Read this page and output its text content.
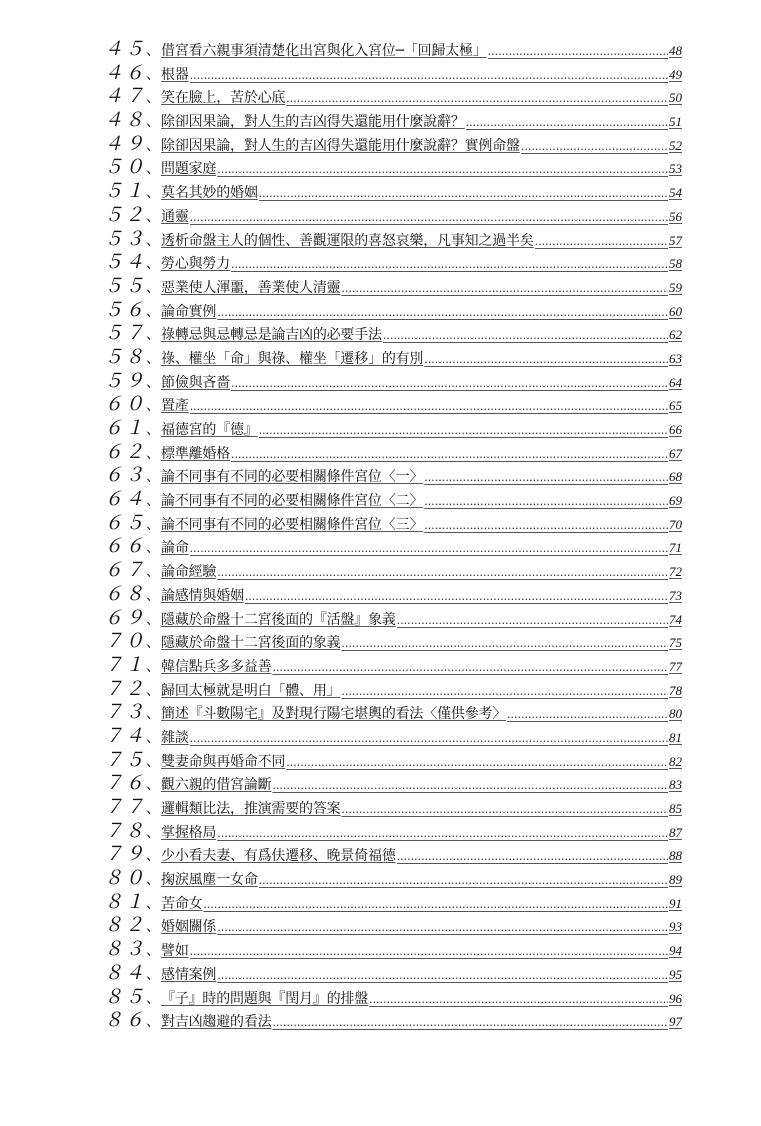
４５ 、 借宮看六親事須清楚化出宮與化入宮位─「回歸太極」 .....	48
４６ 、 根器 .....	49
４７ 、 笑在臉上，苦於心底 .....	50
４８ 、 除卻因果論，對人生的吉凶得失還能用什麼說辭？ .....	51
４９ 、 除卻因果論，對人生的吉凶得失還能用什麼說辭？實例命盤 .....	52
５０ 、 問題家庭 .....	53
５１ 、 莫名其妙的婚姻 .....	54
５２ 、 通靈 .....	56
５３ 、 透析命盤主人的個性、善觀運限的喜怒哀樂，凡事知之過半矣 .....	57
５４ 、 勞心與勞力 .....	58
５５ 、 惡業使人渾噩，善業使人清靈 .....	59
５６ 、 論命實例 .....	60
５７ 、 祿轉忌與忌轉忌是論吉凶的必要手法 .....	62
５８ 、 祿、權坐「命」與祿、權坐「遷移」的有別 .....	63
５９ 、 節儉與吝嗇 .....	64
６０ 、 置產 .....	65
６１ 、 福德宮的『德』 .....	66
６２ 、 標準離婚格 .....	67
６３ 、 論不同事有不同的必要相關條件宮位〈一〉 .....	68
６４ 、 論不同事有不同的必要相關條件宮位〈二〉 .....	69
６５ 、 論不同事有不同的必要相關條件宮位〈三〉 .....	70
６６ 、 論命 .....	71
６７ 、 論命經驗 .....	72
６８ 、 論感情與婚姻 .....	73
６９ 、 隱藏於命盤十二宮後面的『活盤』象義 .....	74
７０ 、 隱藏於命盤十二宮後面的象義 .....	75
７１ 、 韓信點兵多多益善 .....	77
７２ 、 歸回太極就是明白「體、用」 .....	78
７３ 、 簡述『斗數陽宅』及對現行陽宅堪輿的看法〈僅供參考〉 .....	80
７４ 、 雜談 .....	81
７５ 、 雙妻命與再婚命不同 .....	82
７６ 、 觀六親的借宮論斷 .....	83
７７ 、 邏輯類比法，推演需要的答案 .....	85
７８ 、 掌握格局 .....	87
７９ 、 少小看夫妻、有爲伕遷移、晚景倚福德 .....	88
８０ 、 掬淚風塵一女命 .....	89
８１ 、 苦命女 .....	91
８２ 、 婚姻關係 .....	93
８３ 、 譬如 .....	94
８４ 、 感情案例 .....	95
８５ 、 『子』時的問題與『閏月』的排盤 .....	96
８６ 、 對吉凶趨避的看法 .....	97
